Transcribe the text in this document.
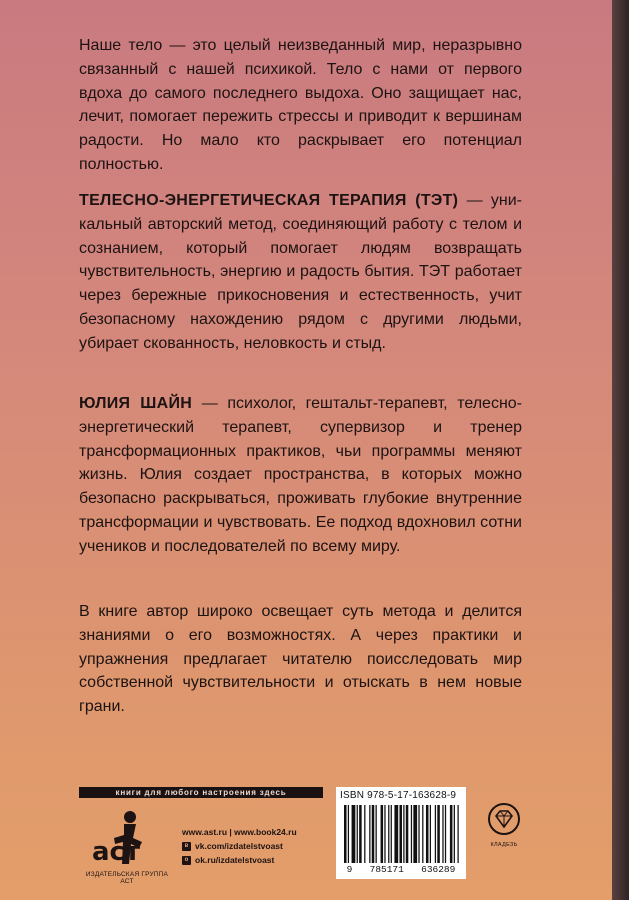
Наше тело — это целый неизведанный мир, неразрывно связанный с нашей психикой. Тело с нами от первого вдоха до самого последнего выдоха. Оно защищает нас, лечит, помогает пережить стрессы и приводит к вершинам радости. Но мало кто раскрывает его потенциал полностью.

ТЕЛЕСНО-ЭНЕРГЕТИЧЕСКАЯ ТЕРАПИЯ (ТЭТ) — уникальный авторский метод, соединяющий работу с телом и сознанием, который помогает людям возвращать чувствительность, энергию и радость бытия. ТЭТ работает через бережные прикосновения и естественность, учит безопасному нахождению рядом с другими людьми, убирает скованность, неловкость и стыд.

ЮЛИЯ ШАЙН — психолог, гештальт-терапевт, телесно-энергетический терапевт, супервизор и тренер трансформационных практиков, чьи программы меняют жизнь. Юлия создает пространства, в которых можно безопасно раскрываться, проживать глубокие внутренние трансформации и чувствовать. Ее подход вдохновил сотни учеников и последователей по всему миру.

В книге автор широко освещает суть метода и делится знаниями о его возможностях. А через практики и упражнения предлагает читателю поисследовать мир собственной чувствительности и отыскать в нем новые грани.

книги для любого настроения здесь
аст
ИЗДАТЕЛЬСКАЯ ГРУППА АСТ
www.ast.ru | www.book24.ru
в vk.com/izdatelstvoast
о ok.ru/izdatelstvoast
ISBN 978-5-17-163628-9
9 785171 636289
КЛАДЕЗЬ
